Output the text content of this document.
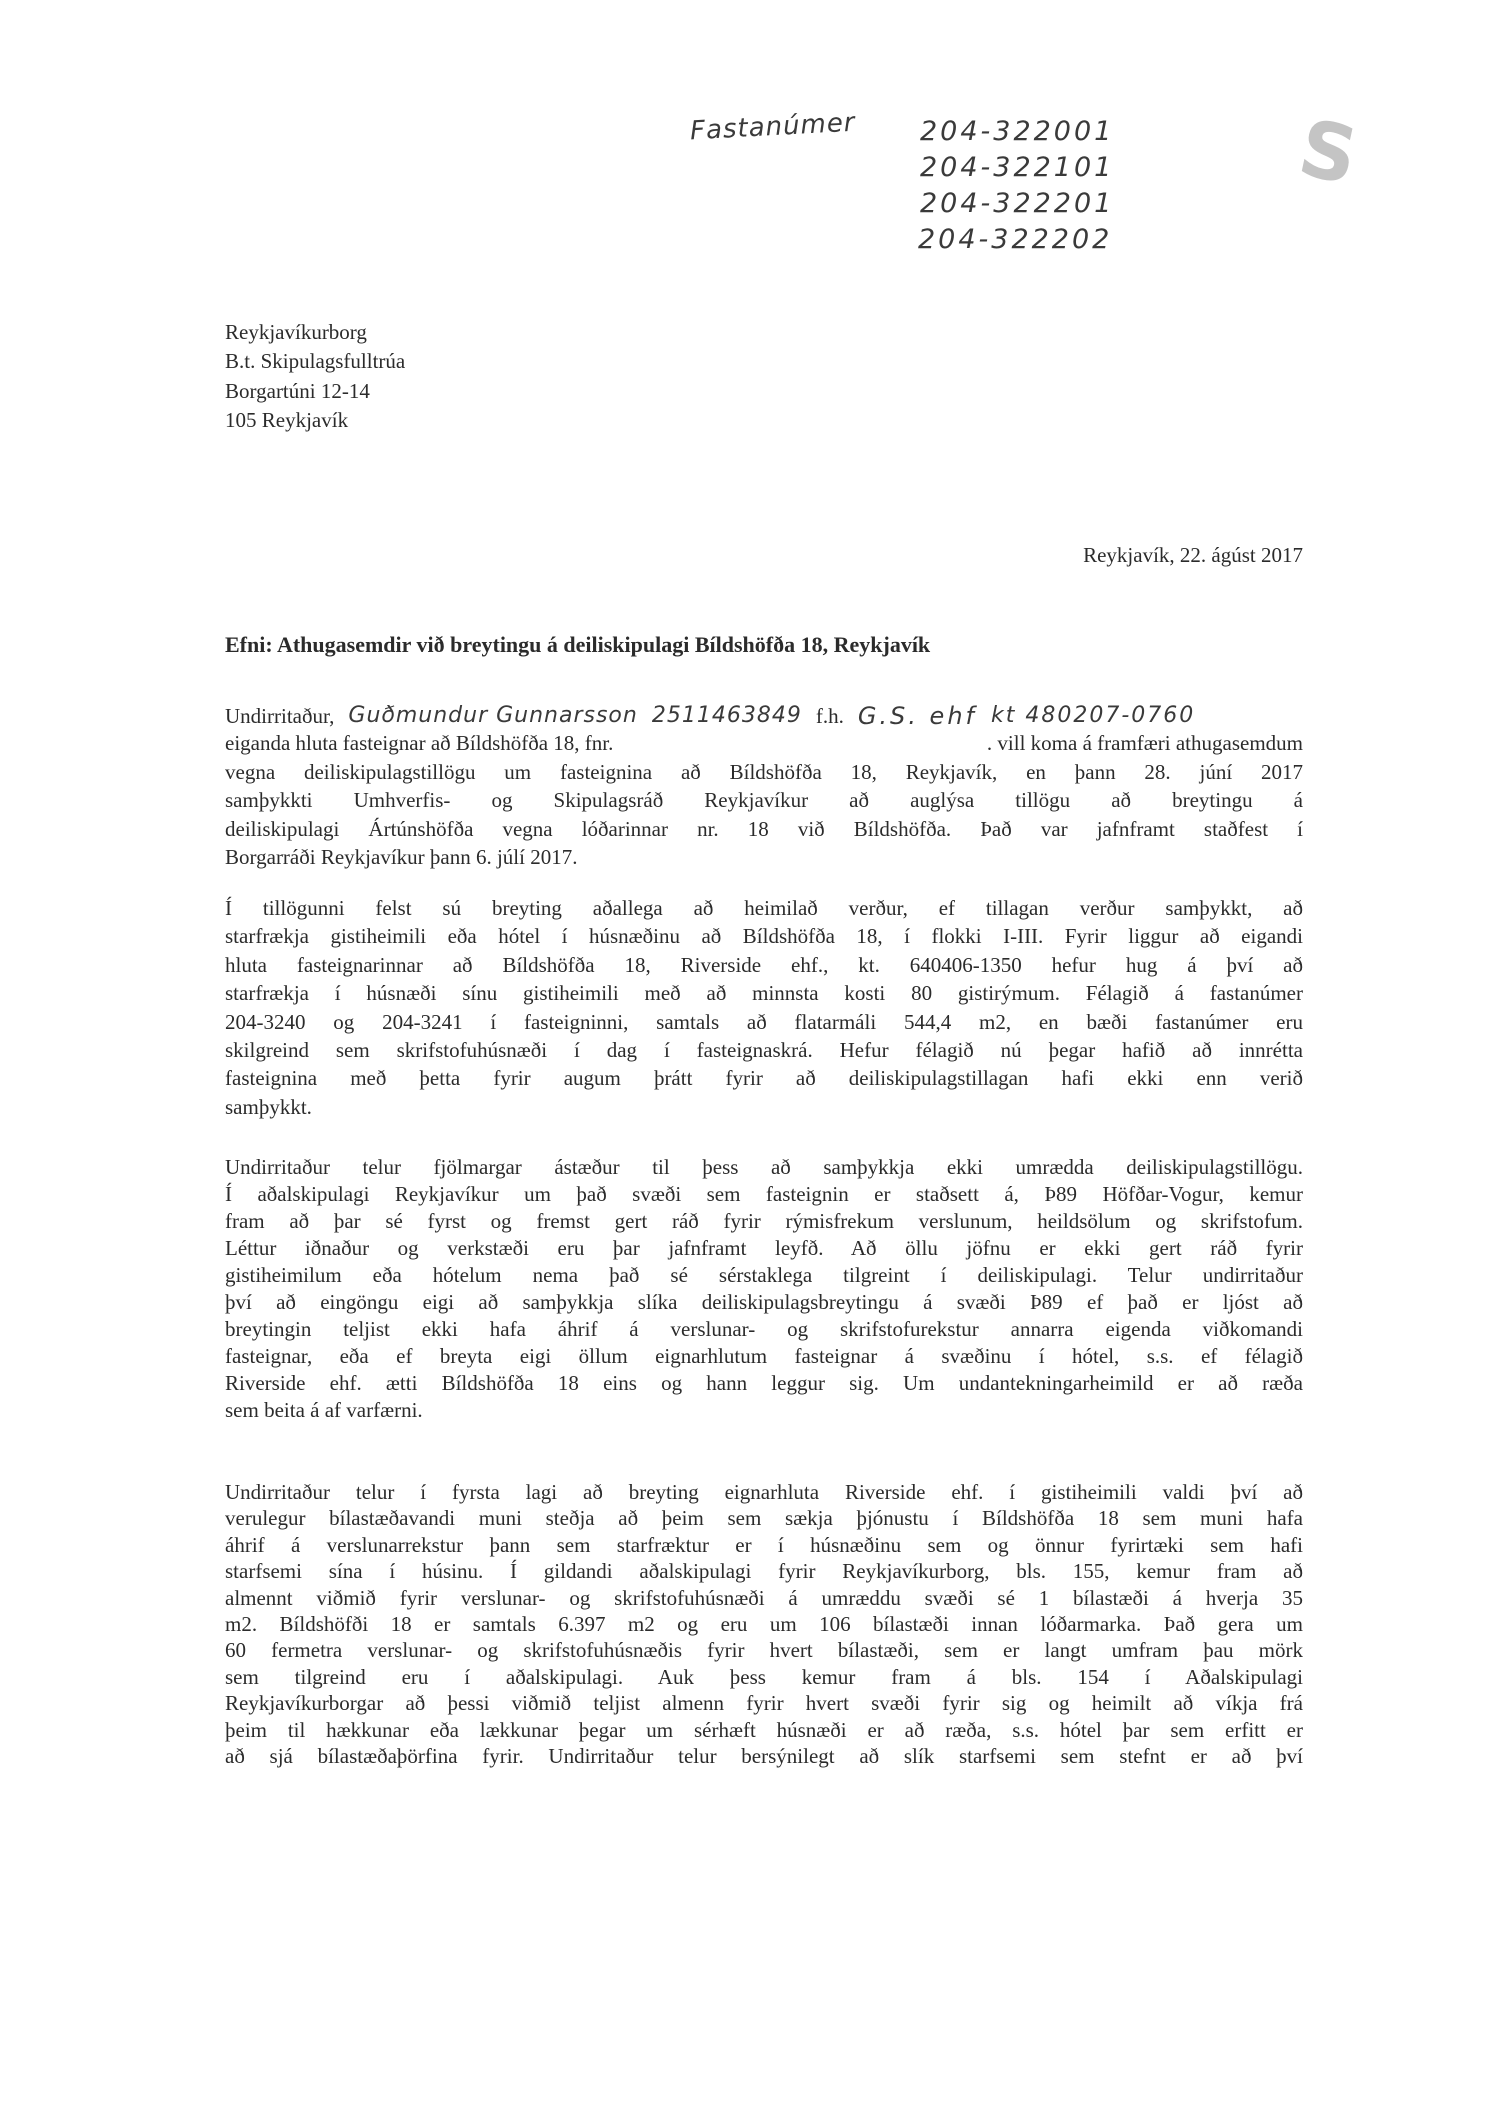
Fastanúmer 204-322001
204-322101
204-322201
204-322202
S
Reykjavíkurborg
B.t. Skipulagsfulltrúa
Borgartúni 12-14
105 Reykjavík
Reykjavík, 22. ágúst 2017
Efni: Athugasemdir við breytingu á deiliskipulagi Bíldshöfða 18, Reykjavík
Undirritaður, Guðmundur Gunnarsson 2511463849 f.h. G.S. ehf kt 480207-0760
eiganda hluta fasteignar að Bíldshöfða 18, fnr.	. vill koma á framfæri athugasemdum
vegna deiliskipulagstillögu um fasteignina að Bíldshöfða 18, Reykjavík, en þann 28. júní 2017
samþykkti Umhverfis- og Skipulagsráð Reykjavíkur að auglýsa tillögu að breytingu á
deiliskipulagi Ártúnshöfða vegna lóðarinnar nr. 18 við Bíldshöfða. Það var jafnframt staðfest í
Borgarráði Reykjavíkur þann 6. júlí 2017.
Í tillögunni felst sú breyting aðallega að heimilað verður, ef tillagan verður samþykkt, að
starfrækja gistiheimili eða hótel í húsnæðinu að Bíldshöfða 18, í flokki I-III. Fyrir liggur að eigandi
hluta fasteignarinnar að Bíldshöfða 18, Riverside ehf., kt. 640406-1350 hefur hug á því að
starfrækja í húsnæði sínu gistiheimili með að minnsta kosti 80 gistirýmum. Félagið á fastanúmer
204-3240 og 204-3241 í fasteigninni, samtals að flatarmáli 544,4 m2, en bæði fastanúmer eru
skilgreind sem skrifstofuhúsnæði í dag í fasteignaskrá. Hefur félagið nú þegar hafið að innrétta
fasteignina með þetta fyrir augum þrátt fyrir að deiliskipulagstillagan hafi ekki enn verið
samþykkt.
Undirritaður telur fjölmargar ástæður til þess að samþykkja ekki umrædda deiliskipulagstillögu.
Í aðalskipulagi Reykjavíkur um það svæði sem fasteignin er staðsett á, Þ89 Höfðar-Vogur, kemur
fram að þar sé fyrst og fremst gert ráð fyrir rýmisfrekum verslunum, heildsölum og skrifstofum.
Léttur iðnaður og verkstæði eru þar jafnframt leyfð. Að öllu jöfnu er ekki gert ráð fyrir
gistiheimilum eða hótelum nema það sé sérstaklega tilgreint í deiliskipulagi. Telur undirritaður
því að eingöngu eigi að samþykkja slíka deiliskipulagsbreytingu á svæði Þ89 ef það er ljóst að
breytingin teljist ekki hafa áhrif á verslunar- og skrifstofurekstur annarra eigenda viðkomandi
fasteignar, eða ef breyta eigi öllum eignarhlutum fasteignar á svæðinu í hótel, s.s. ef félagið
Riverside ehf. ætti Bíldshöfða 18 eins og hann leggur sig. Um undantekningarheimild er að ræða
sem beita á af varfærni.
Undirritaður telur í fyrsta lagi að breyting eignarhluta Riverside ehf. í gistiheimili valdi því að
verulegur bílastæðavandi muni steðja að þeim sem sækja þjónustu í Bíldshöfða 18 sem muni hafa
áhrif á verslunarrekstur þann sem starfræktur er í húsnæðinu sem og önnur fyrirtæki sem hafi
starfsemi sína í húsinu. Í gildandi aðalskipulagi fyrir Reykjavíkurborg, bls. 155, kemur fram að
almennt viðmið fyrir verslunar- og skrifstofuhúsnæði á umræddu svæði sé 1 bílastæði á hverja 35
m2. Bíldshöfði 18 er samtals 6.397 m2 og eru um 106 bílastæði innan lóðarmarka. Það gera um
60 fermetra verslunar- og skrifstofuhúsnæðis fyrir hvert bílastæði, sem er langt umfram þau mörk
sem tilgreind eru í aðalskipulagi. Auk þess kemur fram á bls. 154 í Aðalskipulagi
Reykjavíkurborgar að þessi viðmið teljist almenn fyrir hvert svæði fyrir sig og heimilt að víkja frá
þeim til hækkunar eða lækkunar þegar um sérhæft húsnæði er að ræða, s.s. hótel þar sem erfitt er
að sjá bílastæðaþörfina fyrir. Undirritaður telur bersýnilegt að slík starfsemi sem stefnt er að því
